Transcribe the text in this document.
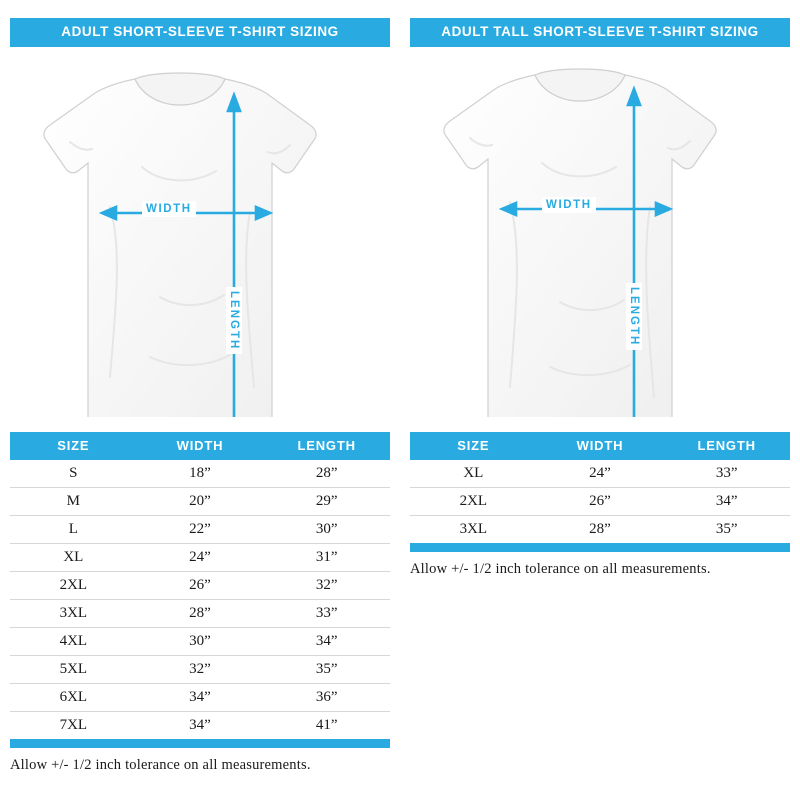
ADULT SHORT-SLEEVE T-SHIRT SIZING
WIDTH
LENGTH
ADULT TALL SHORT-SLEEVE T-SHIRT SIZING
WIDTH
LENGTH
SIZE	WIDTH	LENGTH
S	18”	28”
M	20”	29”
L	22”	30”
XL	24”	31”
2XL	26”	32”
3XL	28”	33”
4XL	30”	34”
5XL	32”	35”
6XL	34”	36”
7XL	34”	41”
Allow +/- 1/2 inch tolerance on all measurements.
SIZE	WIDTH	LENGTH
XL	24”	33”
2XL	26”	34”
3XL	28”	35”
Allow +/- 1/2 inch tolerance on all measurements.
